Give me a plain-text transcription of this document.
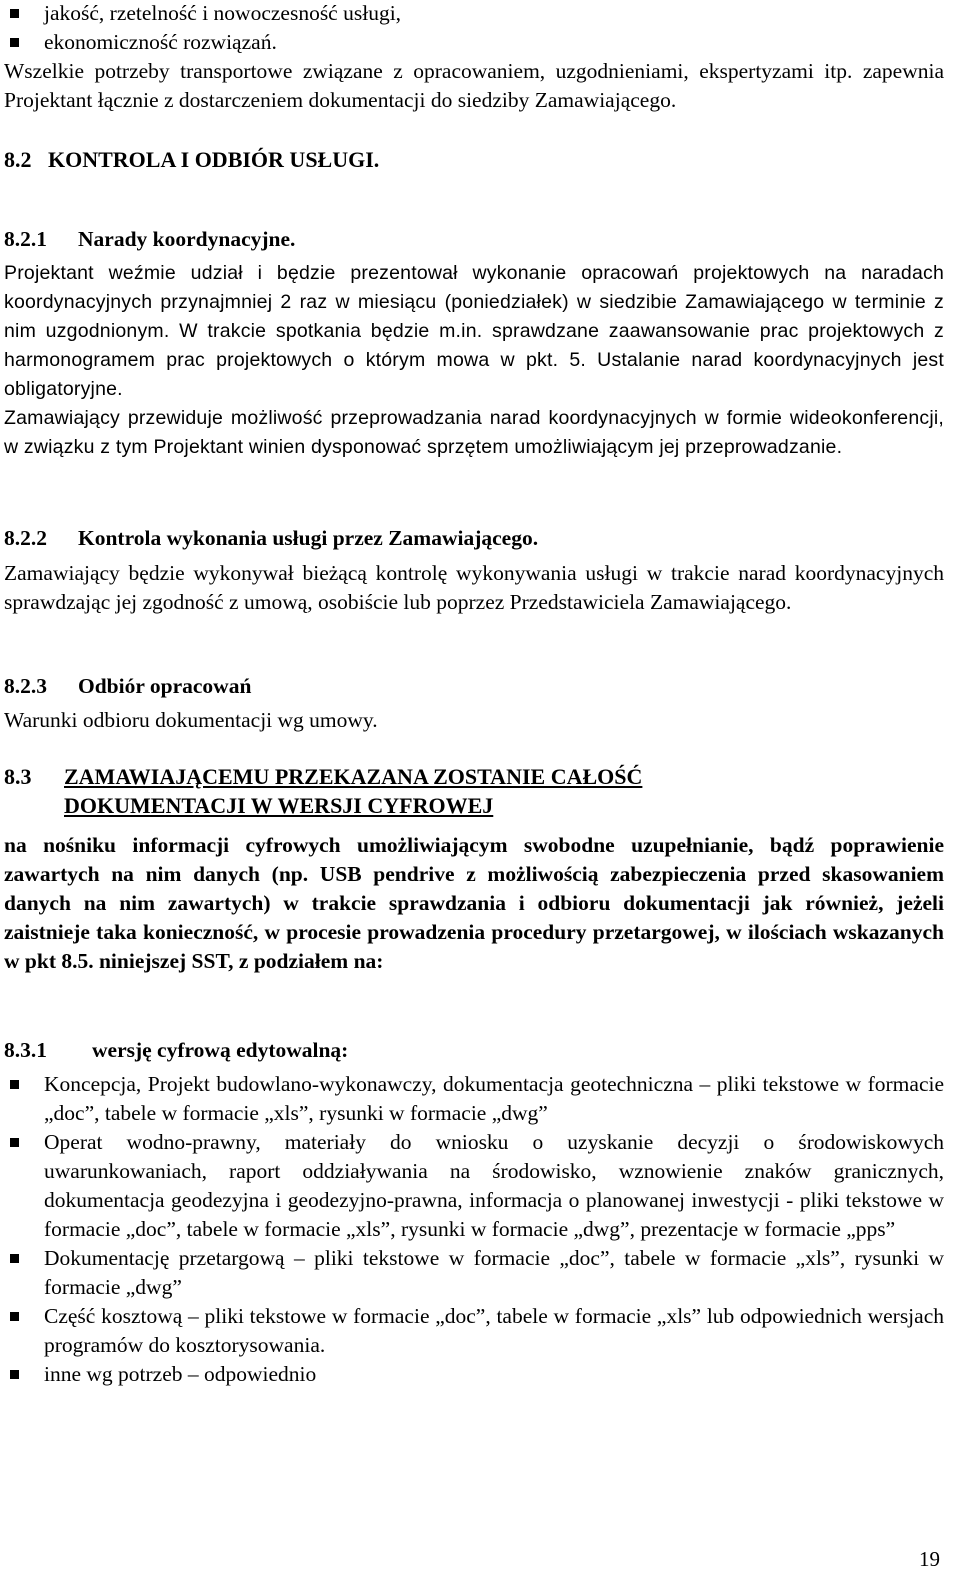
jakość, rzetelność i nowoczesność usługi,

ekonomiczność rozwiązań.

Wszelkie potrzeby transportowe związane z opracowaniem, uzgodnieniami, ekspertyzami itp. zapewnia Projektant łącznie z dostarczeniem dokumentacji do siedziby Zamawiającego.

8.2 KONTROLA I ODBIÓR USŁUGI.
8.2.1	Narady koordynacyjne.

Projektant weźmie udział i będzie prezentował wykonanie opracowań projektowych na naradach koordynacyjnych przynajmniej 2 raz w miesiącu (poniedziałek) w siedzibie Zamawiającego w terminie z nim uzgodnionym. W trakcie spotkania będzie m.in. sprawdzane zaawansowanie prac projektowych z harmonogramem prac projektowych o którym mowa w pkt. 5. Ustalanie narad koordynacyjnych jest obligatoryjne.

Zamawiający przewiduje możliwość przeprowadzania narad koordynacyjnych w formie wideokonferencji, w związku z tym Projektant winien dysponować sprzętem umożliwiającym jej przeprowadzanie.

8.2.2	Kontrola wykonania usługi przez Zamawiającego.

Zamawiający będzie wykonywał bieżącą kontrolę wykonywania usługi w trakcie narad koordynacyjnych sprawdzając jej zgodność z umową, osobiście lub poprzez Przedstawiciela Zamawiającego.

8.2.3	Odbiór opracowań

Warunki odbioru dokumentacji wg umowy.

8.3	ZAMAWIAJĄCEMU PRZEKAZANA ZOSTANIE CAŁOŚĆ
DOKUMENTACJI W WERSJI CYFROWEJ

na nośniku informacji cyfrowych umożliwiającym swobodne uzupełnianie, bądź poprawienie zawartych na nim danych (np. USB pendrive z możliwością zabezpieczenia przed skasowaniem danych na nim zawartych) w trakcie sprawdzania i odbioru dokumentacji jak również, jeżeli zaistnieje taka konieczność, w procesie prowadzenia procedury przetargowej, w ilościach wskazanych w pkt 8.5. niniejszej SST, z podziałem na:

8.3.1	wersję cyfrową edytowalną:

Koncepcja, Projekt budowlano-wykonawczy, dokumentacja geotechniczna – pliki tekstowe w formacie „doc”, tabele w formacie „xls”, rysunki w formacie „dwg”

Operat wodno-prawny, materiały do wniosku o uzyskanie decyzji o środowiskowych uwarunkowaniach, raport oddziaływania na środowisko, wznowienie znaków granicznych, dokumentacja geodezyjna i geodezyjno-prawna, informacja o planowanej inwestycji - pliki tekstowe w formacie „doc”, tabele w formacie „xls”, rysunki w formacie „dwg”, prezentacje w formacie „pps”

Dokumentację przetargową – pliki tekstowe w formacie „doc”, tabele w formacie „xls”, rysunki w formacie „dwg”

Część kosztową – pliki tekstowe w formacie „doc”, tabele w formacie „xls” lub odpowiednich wersjach programów do kosztorysowania.

inne wg potrzeb – odpowiednio

19
